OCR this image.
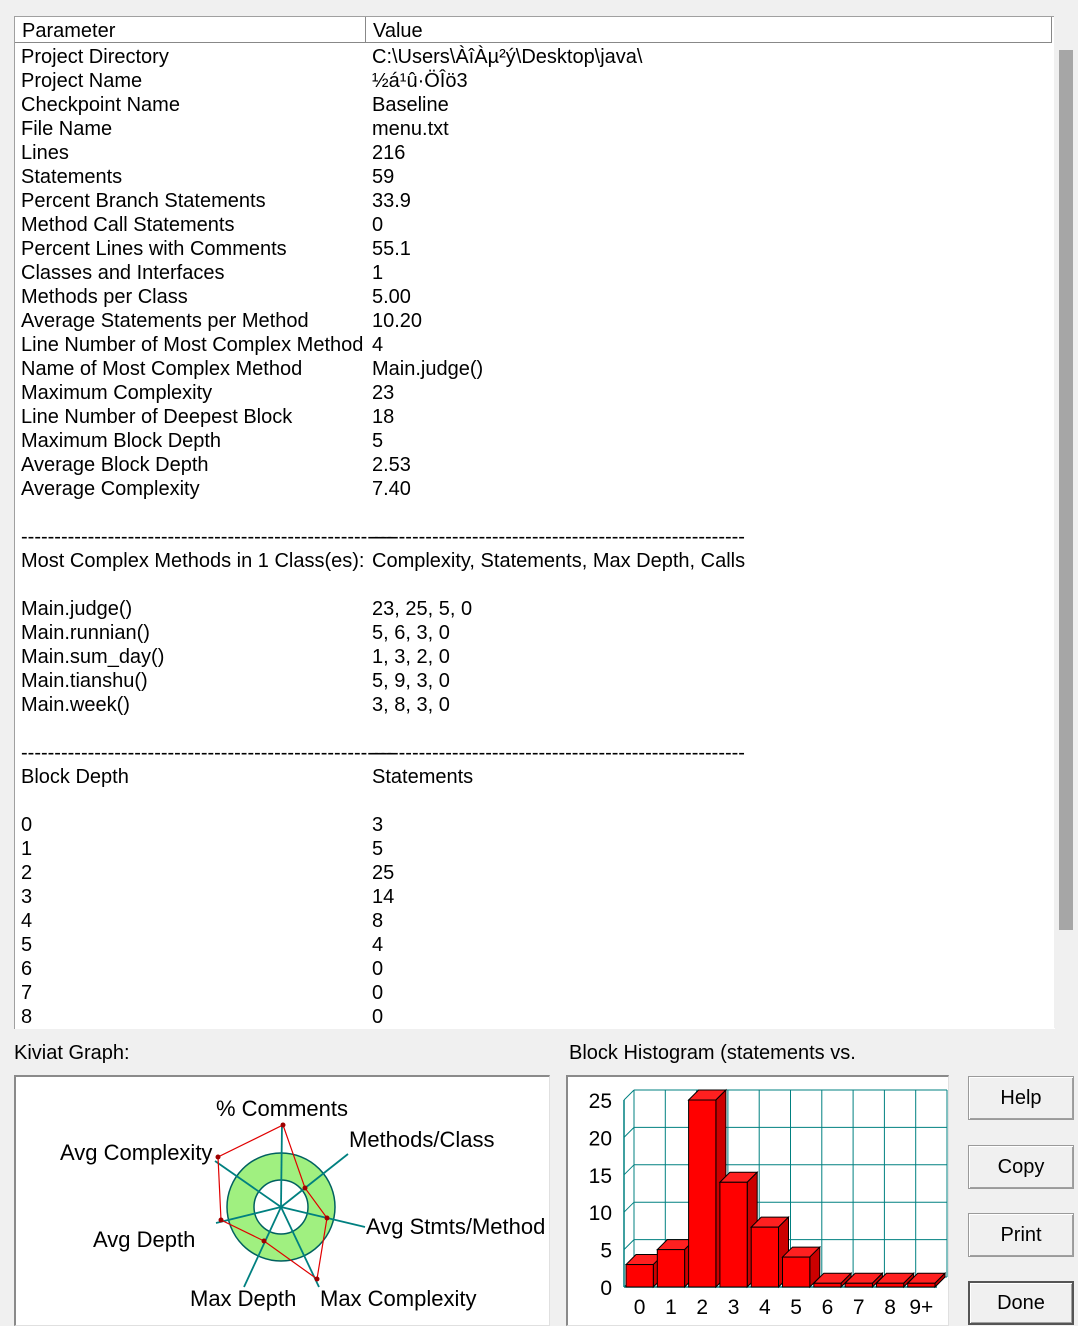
Parameter	Value
Project Directory	C:\Users\ÀîÀµ²ý\Desktop\java\
Project Name	½á¹û·ÖÎö3
Checkpoint Name	Baseline
File Name	menu.txt
Lines	216
Statements	59
Percent Branch Statements	33.9
Method Call Statements	0
Percent Lines with Comments	55.1
Classes and Interfaces	1
Methods per Class	5.00
Average Statements per Method	10.20
Line Number of Most Complex Method 4
Name of Most Complex Method	Main.judge()
Maximum Complexity	23
Line Number of Deepest Block	18
Maximum Block Depth	5
Average Block Depth	2.53
Average Complexity	7.40
--------------------------------------------------------
--------------------------------------------------------
Most Complex Methods in 1 Class(es): Complexity, Statements, Max Depth, Calls
Main.judge()	23, 25, 5, 0
Main.runnian()	5, 6, 3, 0
Main.sum_day()	1, 3, 2, 0
Main.tianshu()	5, 9, 3, 0
Main.week()	3, 8, 3, 0
--------------------------------------------------------
--------------------------------------------------------
Block Depth	Statements
0	3
1	5
2	25
3	14
4	8
5	4
6	0
7	0
8	0
Kiviat Graph:	Block Histogram (statements vs.
% Comments
Methods/Class
Avg Stmts/Method
Max Complexity
Max Depth
Avg Depth
Avg Complexity
0
5
10
15
20
25
0 1 2 3 4 5 6 7 8 9+
Help
Copy
Print
Done
